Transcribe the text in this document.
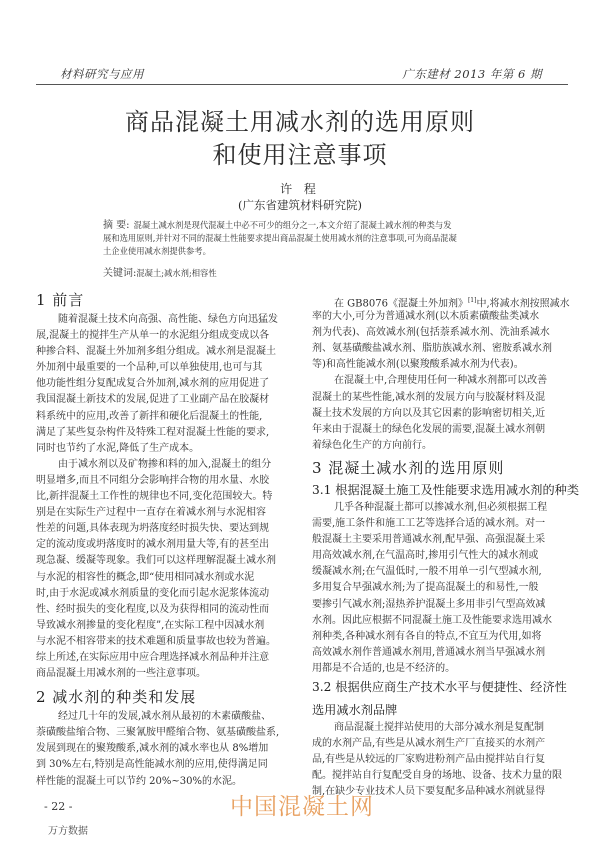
材料研究与应用	广东建材 2013 年第 6 期
商品混凝土用减水剂的选用原则
和使用注意事项
许 程
(广东省建筑材料研究院)
摘 要: 混凝土减水剂是现代混凝土中必不可少的组分之一,本文介绍了混凝土减水剂的种类与发
展和选用原则,并针对不同的混凝土性能要求提出商品混凝土使用减水剂的注意事项,可为商品混凝
土企业使用减水剂提供参考。
关键词:混凝土;减水剂;相容性
1 前言
随着混凝土技术向高强、高性能、绿色方向迅猛发
展,混凝土的搅拌生产从单一的水泥组分组成变成以各
种掺合料、混凝土外加剂多组分组成。减水剂是混凝土
外加剂中最重要的一个品种,可以单独使用,也可与其
他功能性组分复配成复合外加剂,减水剂的应用促进了
我国混凝土新技术的发展,促进了工业副产品在胶凝材
料系统中的应用,改善了新拌和硬化后混凝土的性能,
满足了某些复杂构件及特殊工程对混凝土性能的要求,
同时也节约了水泥,降低了生产成本。
由于减水剂以及矿物掺和料的加入,混凝土的组分
明显增多,而且不同组分会影响拌合物的用水量、水胶
比,新拌混凝土工作性的规律也不同,变化范围较大。特
别是在实际生产过程中一直存在着减水剂与水泥相容
性差的问题,具体表现为坍落度经时损失快、要达到规
定的流动度或坍落度时的减水剂用量大等,有的甚至出
现急凝、缓凝等现象。我们可以这样理解混凝土减水剂
与水泥的相容性的概念,即“使用相同减水剂或水泥
时,由于水泥或减水剂质量的变化而引起水泥浆体流动
性、经时损失的变化程度,以及为获得相同的流动性而
导致减水剂掺量的变化程度”,在实际工程中因减水剂
与水泥不相容带来的技术难题和质量事故也较为普遍。
综上所述,在实际应用中应合理选择减水剂品种并注意
商品混凝土用减水剂的一些注意事项。
2 减水剂的种类和发展
经过几十年的发展,减水剂从最初的木素磺酸盐、
萘磺酸盐缩合物、三聚氰胺甲醛缩合物、氨基磺酸盐系,
发展到现在的聚羧酸系,减水剂的减水率也从 8%增加
到 30%左右,特别是高性能减水剂的应用,使得满足同
样性能的混凝土可以节约 20%~30%的水泥。
在 GB8076《混凝土外加剂》[1]中,将减水剂按照减水
率的大小,可分为普通减水剂(以木质素磺酸盐类减水
剂为代表)、高效减水剂(包括萘系减水剂、洗油系减水
剂、氨基磺酸盐减水剂、脂肪族减水剂、密胺系减水剂
等)和高性能减水剂(以聚羧酸系减水剂为代表)。
在混凝土中,合理使用任何一种减水剂都可以改善
混凝土的某些性能,减水剂的发展方向与胶凝材料及混
凝土技术发展的方向以及其它因素的影响密切相关,近
年来由于混凝土的绿色化发展的需要,混凝土减水剂朝
着绿色化生产的方向前行。
3 混凝土减水剂的选用原则
3.1 根据混凝土施工及性能要求选用减水剂的种类
几乎各种混凝土都可以掺减水剂,但必须根据工程
需要,施工条件和施工工艺等选择合适的减水剂。对一
般混凝土主要采用普通减水剂,配早强、高强混凝土采
用高效减水剂,在气温高时,掺用引气性大的减水剂或
缓凝减水剂;在气温低时,一般不用单一引气型减水剂,
多用复合早强减水剂;为了提高混凝土的和易性,一般
要掺引气减水剂;湿热养护混凝土多用非引气型高效减
水剂。因此应根据不同混凝土施工及性能要求选用减水
剂种类,各种减水剂有各自的特点,不宜互为代用,如将
高效减水剂作普通减水剂用,普通减水剂当早强减水剂
用都是不合适的,也是不经济的。
3.2 根据供应商生产技术水平与便捷性、经济性
选用减水剂品牌
商品混凝土搅拌站使用的大部分减水剂是复配制
成的水剂产品,有些是从减水剂生产厂直接买的水剂产
品,有些是从较远的厂家购进粉剂产品由搅拌站自行复
配。搅拌站自行复配受自身的场地、设备、技术力量的限
制,在缺少专业技术人员下要复配多品种减水剂就显得
- 22 -
万方数据
中国混凝土网
